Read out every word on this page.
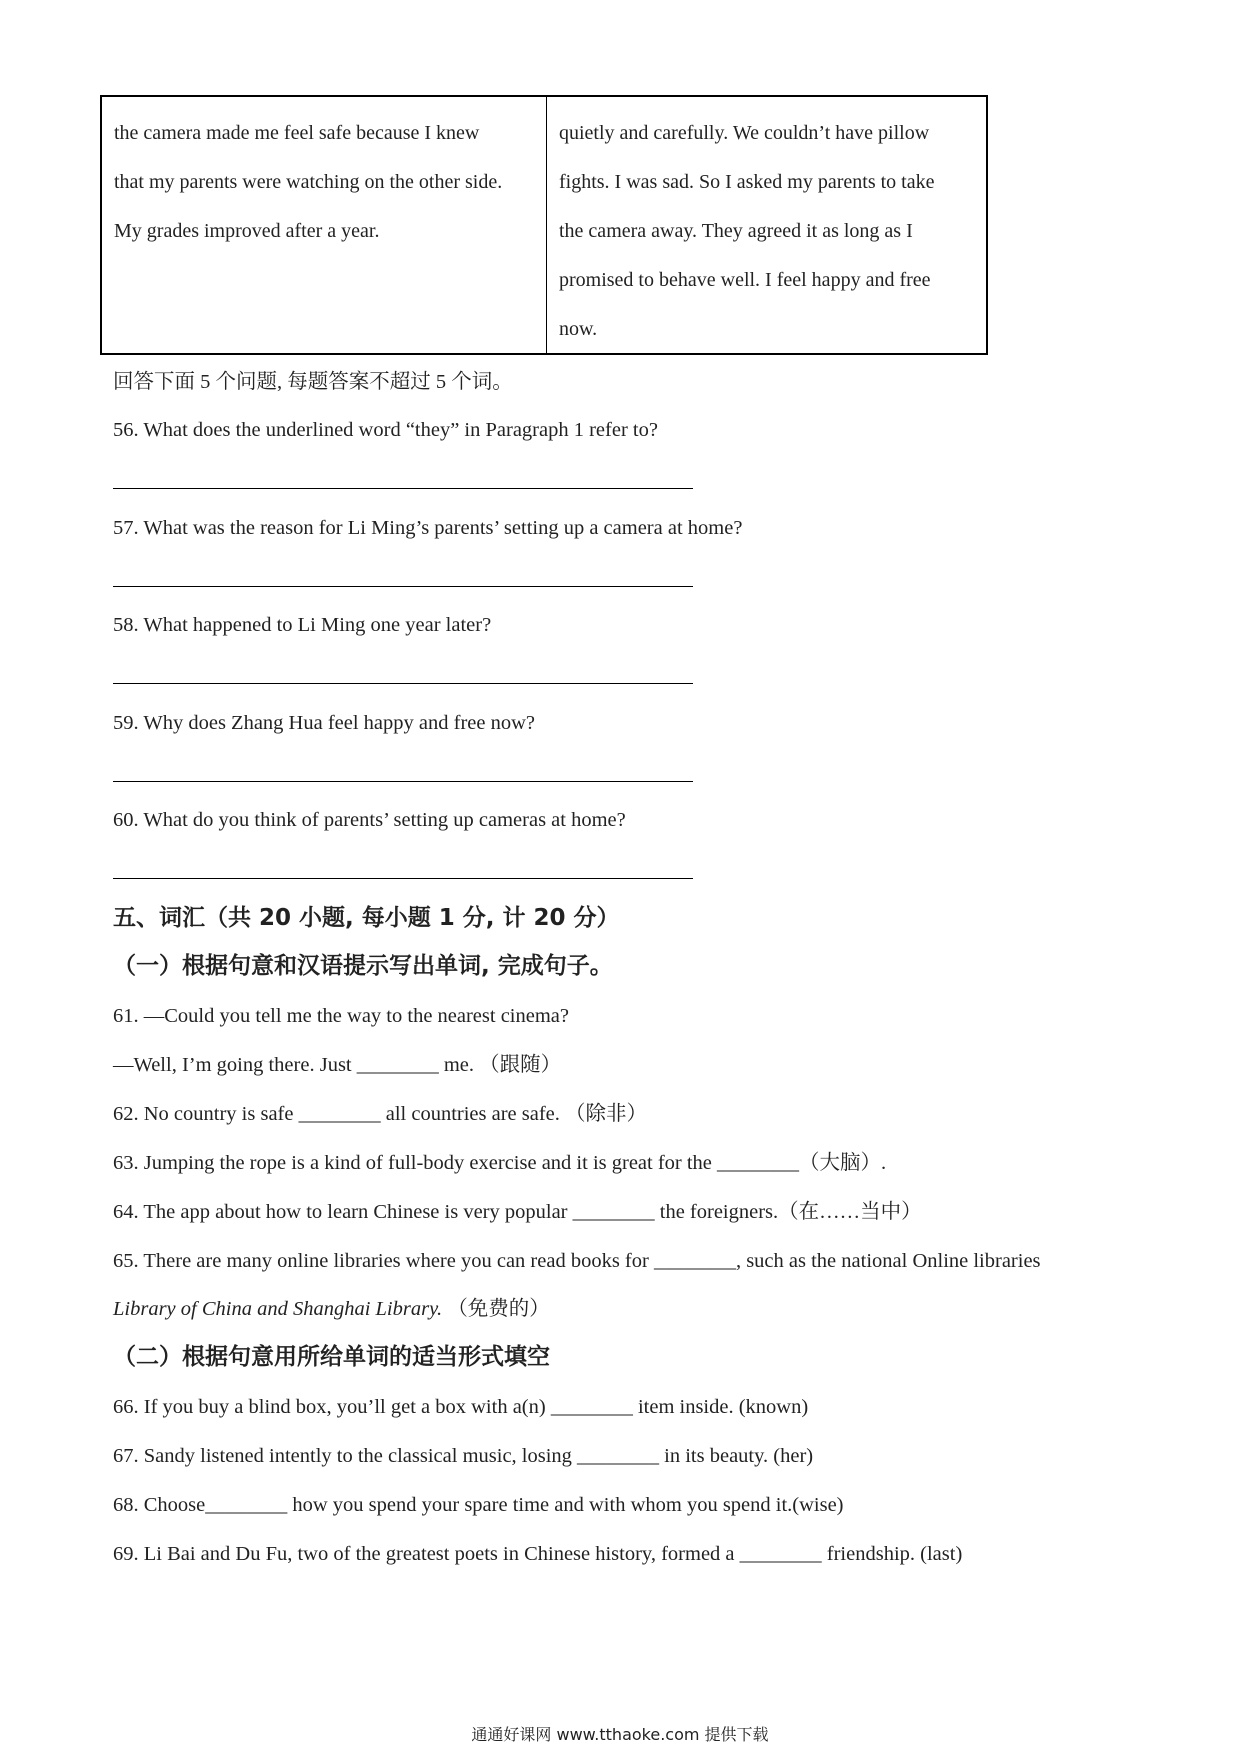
the camera made me feel safe because I knew
that my parents were watching on the other side.
My grades improved after a year.
quietly and carefully. We couldn’t have pillow
fights. I was sad. So I asked my parents to take
the camera away. They agreed it as long as I
promised to behave well. I feel happy and free
now.
回答下面 5 个问题, 每题答案不超过 5 个词。
56. What does the underlined word “they” in Paragraph 1 refer to?
57. What was the reason for Li Ming’s parents’ setting up a camera at home?
58. What happened to Li Ming one year later?
59. Why does Zhang Hua feel happy and free now?
60. What do you think of parents’ setting up cameras at home?
五、词汇（共 20 小题, 每小题 1 分, 计 20 分）
（一）根据句意和汉语提示写出单词, 完成句子。
61. —Could you tell me the way to the nearest cinema?
—Well, I’m going there. Just ________ me. （跟随）
62. No country is safe ________ all countries are safe. （除非）
63. Jumping the rope is a kind of full-body exercise and it is great for the ________（大脑）.
64. The app about how to learn Chinese is very popular ________ the foreigners.（在……当中）
65. There are many online libraries where you can read books for ________, such as the national Online libraries
Library of China and Shanghai Library. （免费的）
（二）根据句意用所给单词的适当形式填空
66. If you buy a blind box, you’ll get a box with a(n) ________ item inside. (known)
67. Sandy listened intently to the classical music, losing ________ in its beauty. (her)
68. Choose________ how you spend your spare time and with whom you spend it.(wise)
69. Li Bai and Du Fu, two of the greatest poets in Chinese history, formed a ________ friendship. (last)
通通好课网 www.tthaoke.com 提供下载
